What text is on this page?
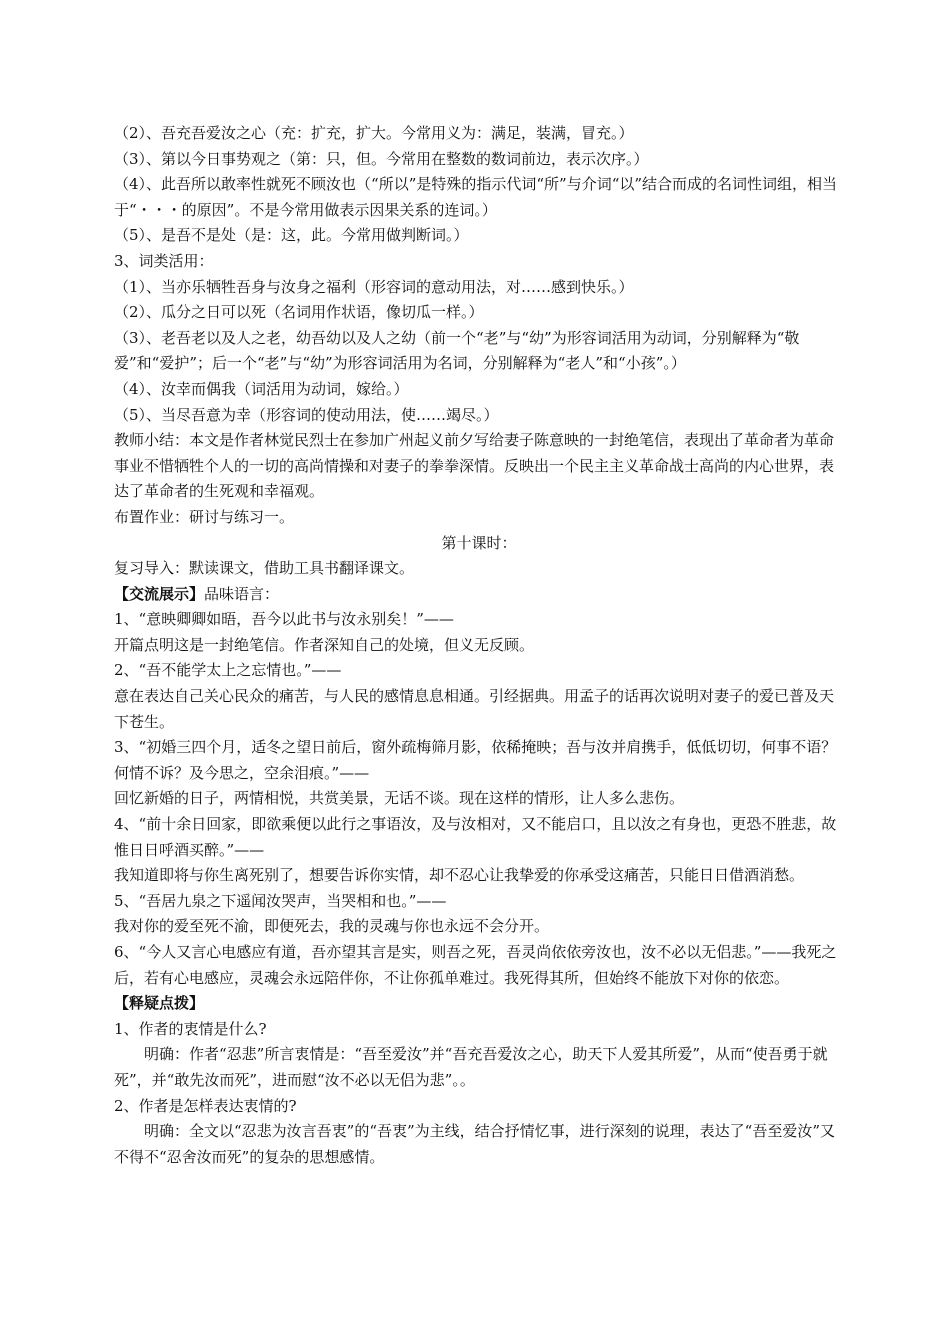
（2）、吾充吾爱汝之心（充：扩充，扩大。今常用义为：满足，装满，冒充。）

（3）、第以今日事势观之（第：只，但。今常用在整数的数词前边，表示次序。）

（4）、此吾所以敢率性就死不顾汝也（“所以”是特殊的指示代词“所”与介词“以”结合而成的名词性词组，相当于“・・・的原因”。不是今常用做表示因果关系的连词。）

（5）、是吾不是处（是：这，此。今常用做判断词。）

3、词类活用：

（1）、当亦乐牺牲吾身与汝身之福利（形容词的意动用法，对……感到快乐。）

（2）、瓜分之日可以死（名词用作状语，像切瓜一样。）

（3）、老吾老以及人之老，幼吾幼以及人之幼（前一个“老”与“幼”为形容词活用为动词，分别解释为“敬爱”和“爱护”；后一个“老”与“幼”为形容词活用为名词，分别解释为“老人”和“小孩”。）

（4）、汝幸而偶我（词活用为动词，嫁给。）

（5）、当尽吾意为幸（形容词的使动用法，使……竭尽。）

教师小结：本文是作者林觉民烈士在参加广州起义前夕写给妻子陈意映的一封绝笔信，表现出了革命者为革命事业不惜牺牲个人的一切的高尚情操和对妻子的拳拳深情。反映出一个民主主义革命战士高尚的内心世界，表达了革命者的生死观和幸福观。

布置作业：研讨与练习一。

第十课时：

复习导入：默读课文，借助工具书翻译课文。

【交流展示】品味语言：

1、“意映卿卿如晤，吾今以此书与汝永别矣！”——

开篇点明这是一封绝笔信。作者深知自己的处境，但义无反顾。

2、“吾不能学太上之忘情也。”——

意在表达自己关心民众的痛苦，与人民的感情息息相通。引经据典。用孟子的话再次说明对妻子的爱已普及天下苍生。

3、“初婚三四个月，适冬之望日前后，窗外疏梅筛月影，依稀掩映；吾与汝并肩携手，低低切切，何事不语？何情不诉？及今思之，空余泪痕。”——

回忆新婚的日子，两情相悦，共赏美景，无话不谈。现在这样的情形，让人多么悲伤。

4、“前十余日回家，即欲乘便以此行之事语汝，及与汝相对，又不能启口，且以汝之有身也，更恐不胜悲，故惟日日呼酒买醉。”——

我知道即将与你生离死别了，想要告诉你实情，却不忍心让我挚爱的你承受这痛苦，只能日日借酒消愁。

5、“吾居九泉之下遥闻汝哭声，当哭相和也。”——

我对你的爱至死不渝，即便死去，我的灵魂与你也永远不会分开。

6、“今人又言心电感应有道，吾亦望其言是实，则吾之死，吾灵尚依依旁汝也，汝不必以无侣悲。”——我死之后，若有心电感应，灵魂会永远陪伴你，不让你孤单难过。我死得其所，但始终不能放下对你的依恋。

【释疑点拨】

1、作者的衷情是什么?

明确：作者“忍悲”所言衷情是：“吾至爱汝”并“吾充吾爱汝之心，助天下人爱其所爱”，从而“使吾勇于就死”，并“敢先汝而死”，进而慰“汝不必以无侣为悲”。。

2、作者是怎样表达衷情的?

明确：全文以“忍悲为汝言吾衷”的“吾衷”为主线，结合抒情忆事，进行深刻的说理，表达了“吾至爱汝”又不得不“忍舍汝而死”的复杂的思想感情。
